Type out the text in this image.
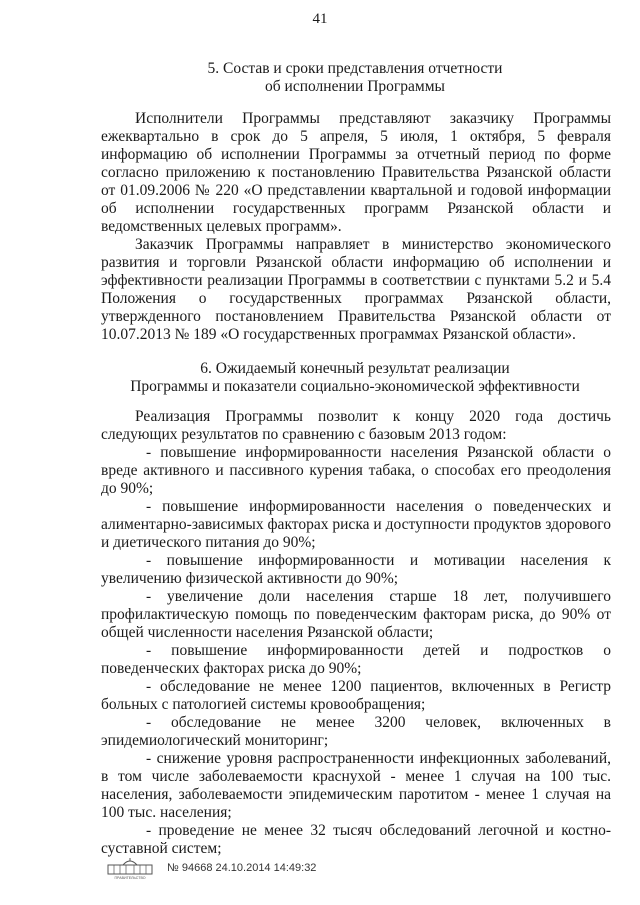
41
5. Состав и сроки представления отчетности
об исполнении Программы

Исполнители Программы представляют заказчику Программы ежеквартально в срок до 5 апреля, 5 июля, 1 октября, 5 февраля информацию об исполнении Программы за отчетный период по форме согласно приложению к постановлению Правительства Рязанской области от 01.09.2006 № 220 «О представлении квартальной и годовой информации об исполнении государственных программ Рязанской области и ведомственных целевых программ».

Заказчик Программы направляет в министерство экономического развития и торговли Рязанской области информацию об исполнении и эффективности реализации Программы в соответствии с пунктами 5.2 и 5.4 Положения о государственных программах Рязанской области, утвержденного постановлением Правительства Рязанской области от 10.07.2013 № 189 «О государственных программах Рязанской области».

6. Ожидаемый конечный результат реализации
Программы и показатели социально-экономической эффективности

Реализация Программы позволит к концу 2020 года достичь следующих результатов по сравнению с базовым 2013 годом:

- повышение информированности населения Рязанской области о вреде активного и пассивного курения табака, о способах его преодоления до 90%;

- повышение информированности населения о поведенческих и алиментарно-зависимых факторах риска и доступности продуктов здорового и диетического питания до 90%;

- повышение информированности и мотивации населения к увеличению физической активности до 90%;

- увеличение доли населения старше 18 лет, получившего профилактическую помощь по поведенческим факторам риска, до 90% от общей численности населения Рязанской области;

- повышение информированности детей и подростков о поведенческих факторах риска до 90%;

- обследование не менее 1200 пациентов, включенных в Регистр больных с патологией системы кровообращения;

- обследование не менее 3200 человек, включенных в эпидемиологический мониторинг;

- снижение уровня распространенности инфекционных заболеваний, в том числе заболеваемости краснухой - менее 1 случая на 100 тыс. населения, заболеваемости эпидемическим паротитом - менее 1 случая на 100 тыс. населения;

- проведение не менее 32 тысяч обследований легочной и костно-суставной систем;

ПРАВИТЕЛЬСТВО
№ 94668 24.10.2014 14:49:32
